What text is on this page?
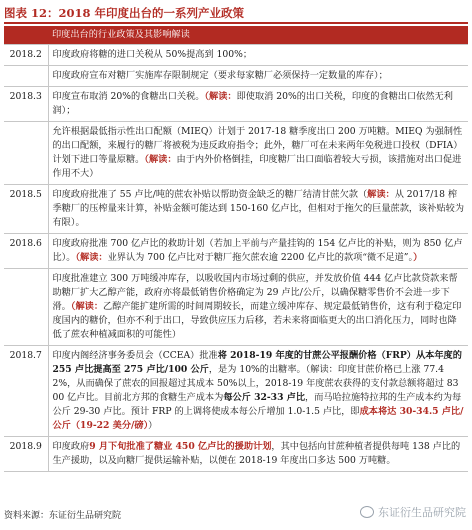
图表 12：2018 年印度出台的一系列产业政策
	印度出台的行业政策及其影响解读
2018.2	印度政府将糖的进口关税从 50%提高到 100%；
	印度政府宣布对糖厂实施库存限制规定（要求每家糖厂必须保持一定数量的库存）；
2018.3	印度宣布取消 20%的食糖出口关税。（解读：即使取消 20%的出口关税，印度的食糖出口依然无利润）；
	允许根据最低指示性出口配额（MIEQ）计划于 2017-18 糖季度出口 200 万吨糖。MIEQ 为强制性的出口配额，来履行的糖厂将被税为违反政府指令；此外，糖厂可在未来两年免税进口投权（DFIA）计划下进口等量原糖。（解读：由于内外价格倒挂，印度糖厂出口面临着较大亏损，该措施对出口促进作用不大）
2018.5	印度政府批准了 55 卢比/吨的蔗农补贴以帮助资金缺乏的糖厂结清甘蔗欠款（解读：从 2017/18 榨季糖厂的压榨量来计算，补贴金额可能达到 150-160 亿卢比，但相对于拖欠的巨量蔗款，该补贴较为有限）。
2018.6	印度政府批准 700 亿卢比的救助计划（若加上平前与产量挂钩的 154 亿卢比的补贴，则为 850 亿卢比）。（解读：业界认为 700 亿卢比对于糖厂拖欠蔗农逾 2200 亿卢比的款项“微不足道”。）
	印度批准建立 300 万吨缓冲库存，以吸收国内市场过剩的供应，并发放价值 444 亿卢比款贷款来帮助糖厂扩大乙醇产能，政府亦将最低销售价格确定为 29 卢比/公斤，以确保糖零售价不会进一步下滑。（解读：乙醇产能扩建所需的时间周期较长，而建立缓冲库存、规定最低销售价，这有利于稳定印度国内的糖价，但亦不利于出口，导致供应压力后移，若未来将面临更大的出口消化压力，同时也降低了蔗农种植减面积的可能性）
2018.7	印度内阁经济事务委员会（CCEA）批准将 2018-19 年度的甘蔗公平报酬价格（FRP）从本年度的 255 卢比提高至 275 卢比/100 公斤，是为 10%的出糖率。（解读：印度甘蔗价格已上涨 77.42%，从而确保了蔗农的回报超过其成本 50%以上，2018-19 年度蔗农获得的支付款总额将超过 8300 亿卢比。目前北方邦的食糖生产成本为每公斤 32-33 卢比，而马哈拉施特拉邦的生产成本约为每公斤 29-30 卢比。预计 FRP 的上调将使成本每公斤增加 1.0-1.5 卢比，即成本将达 30-34.5 卢比/公斤（19-22 美分/磅））
2018.9	印度政府9 月下旬批准了糖业 450 亿卢比的援助计划，其中包括向甘蔗种植者提供每吨 138 卢比的生产援助，以及向糖厂提供运输补贴，以便在 2018-19 年度出口多达 500 万吨糖。
资料来源：东证衍生品研究院	东证衍生品研究院
